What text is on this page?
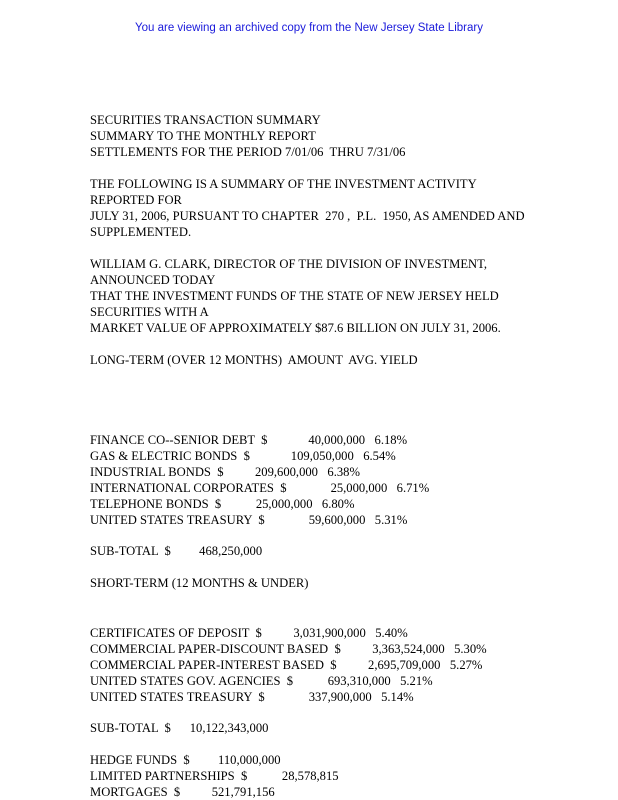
You are viewing an archived copy from the New Jersey State Library

SECURITIES TRANSACTION SUMMARY

SUMMARY TO THE MONTHLY REPORT

SETTLEMENTS FOR THE PERIOD 7/01/06  THRU 7/31/06

THE FOLLOWING IS A SUMMARY OF THE INVESTMENT ACTIVITY

REPORTED FOR

JULY 31, 2006, PURSUANT TO CHAPTER  270 ,  P.L.  1950, AS AMENDED AND

SUPPLEMENTED.

WILLIAM G. CLARK, DIRECTOR OF THE DIVISION OF INVESTMENT,

ANNOUNCED TODAY

THAT THE INVESTMENT FUNDS OF THE STATE OF NEW JERSEY HELD

SECURITIES WITH A

MARKET VALUE OF APPROXIMATELY $87.6 BILLION ON JULY 31, 2006.

LONG-TERM (OVER 12 MONTHS)  AMOUNT  AVG. YIELD

FINANCE CO--SENIOR DEBT  $             40,000,000   6.18%

GAS & ELECTRIC BONDS  $             109,050,000   6.54%

INDUSTRIAL BONDS  $          209,600,000   6.38%

INTERNATIONAL CORPORATES  $              25,000,000   6.71%

TELEPHONE BONDS  $           25,000,000   6.80%

UNITED STATES TREASURY  $              59,600,000   5.31%

SUB-TOTAL  $         468,250,000

SHORT-TERM (12 MONTHS & UNDER)

CERTIFICATES OF DEPOSIT  $          3,031,900,000   5.40%

COMMERCIAL PAPER-DISCOUNT BASED  $          3,363,524,000   5.30%

COMMERCIAL PAPER-INTEREST BASED  $          2,695,709,000   5.27%

UNITED STATES GOV. AGENCIES  $           693,310,000   5.21%

UNITED STATES TREASURY  $              337,900,000   5.14%

SUB-TOTAL  $      10,122,343,000

HEDGE FUNDS  $         110,000,000

LIMITED PARTNERSHIPS  $           28,578,815

MORTGAGES  $          521,791,156
